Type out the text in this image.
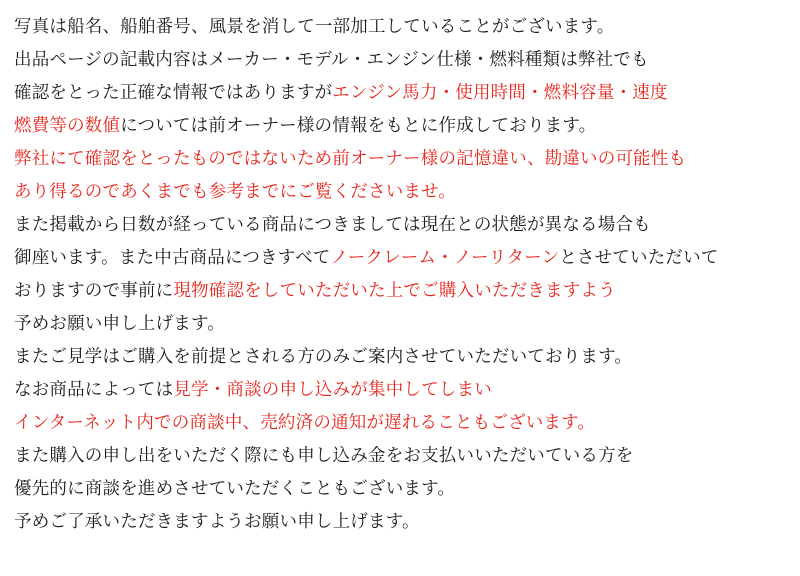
写真は船名、船舶番号、風景を消して一部加工していることがございます。
出品ページの記載内容はメーカー・モデル・エンジン仕様・燃料種類は弊社でも
確認をとった正確な情報ではありますがエンジン馬力・使用時間・燃料容量・速度
燃費等の数値については前オーナー様の情報をもとに作成しております。
弊社にて確認をとったものではないため前オーナー様の記憶違い、勘違いの可能性も
あり得るのであくまでも参考までにご覧くださいませ。
また掲載から日数が経っている商品につきましては現在との状態が異なる場合も
御座います。また中古商品につきすべてノークレーム・ノーリターンとさせていただいて
おりますので事前に現物確認をしていただいた上でご購入いただきますよう
予めお願い申し上げます。
またご見学はご購入を前提とされる方のみご案内させていただいております。
なお商品によっては見学・商談の申し込みが集中してしまい
インターネット内での商談中、売約済の通知が遅れることもございます。
また購入の申し出をいただく際にも申し込み金をお支払いいただいている方を
優先的に商談を進めさせていただくこともございます。
予めご了承いただきますようお願い申し上げます。
